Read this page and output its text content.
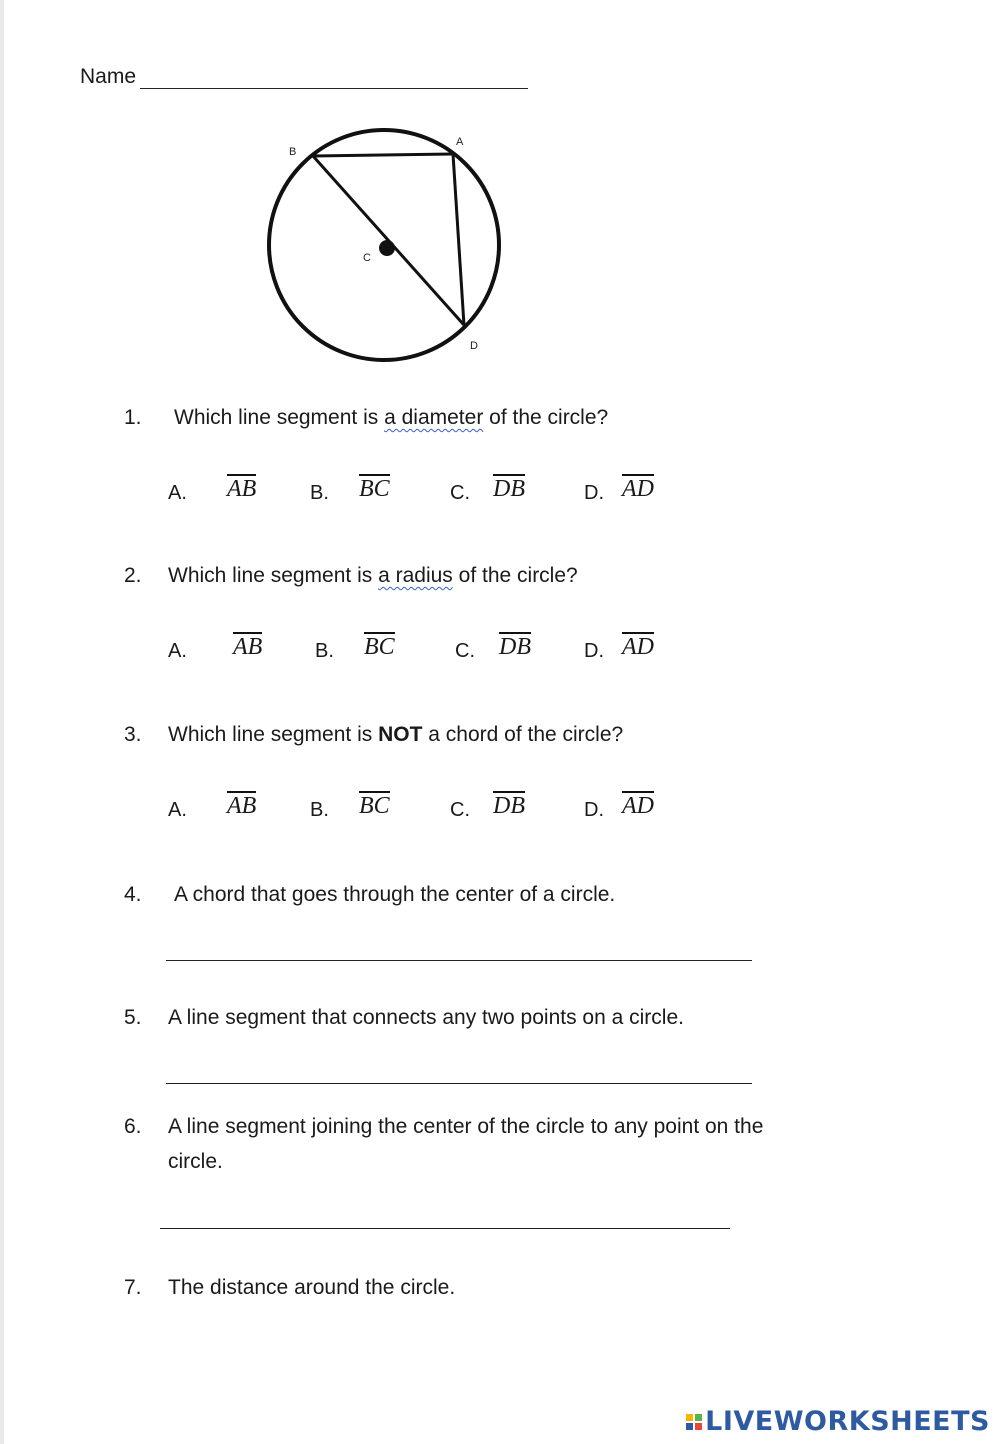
Name
B
A
C
D
1. Which line segment is a diameter of the circle?
A. AB	B. BC	C. DB	D. AD
2. Which line segment is a radius of the circle?
A. AB	B. BC	C. DB	D. AD
3. Which line segment is NOT a chord of the circle?
A. AB	B. BC	C. DB	D. AD
4. A chord that goes through the center of a circle.
5. A line segment that connects any two points on a circle.
6. A line segment joining the center of the circle to any point on the
circle.
7. The distance around the circle.
LIVEWORKSHEETS
